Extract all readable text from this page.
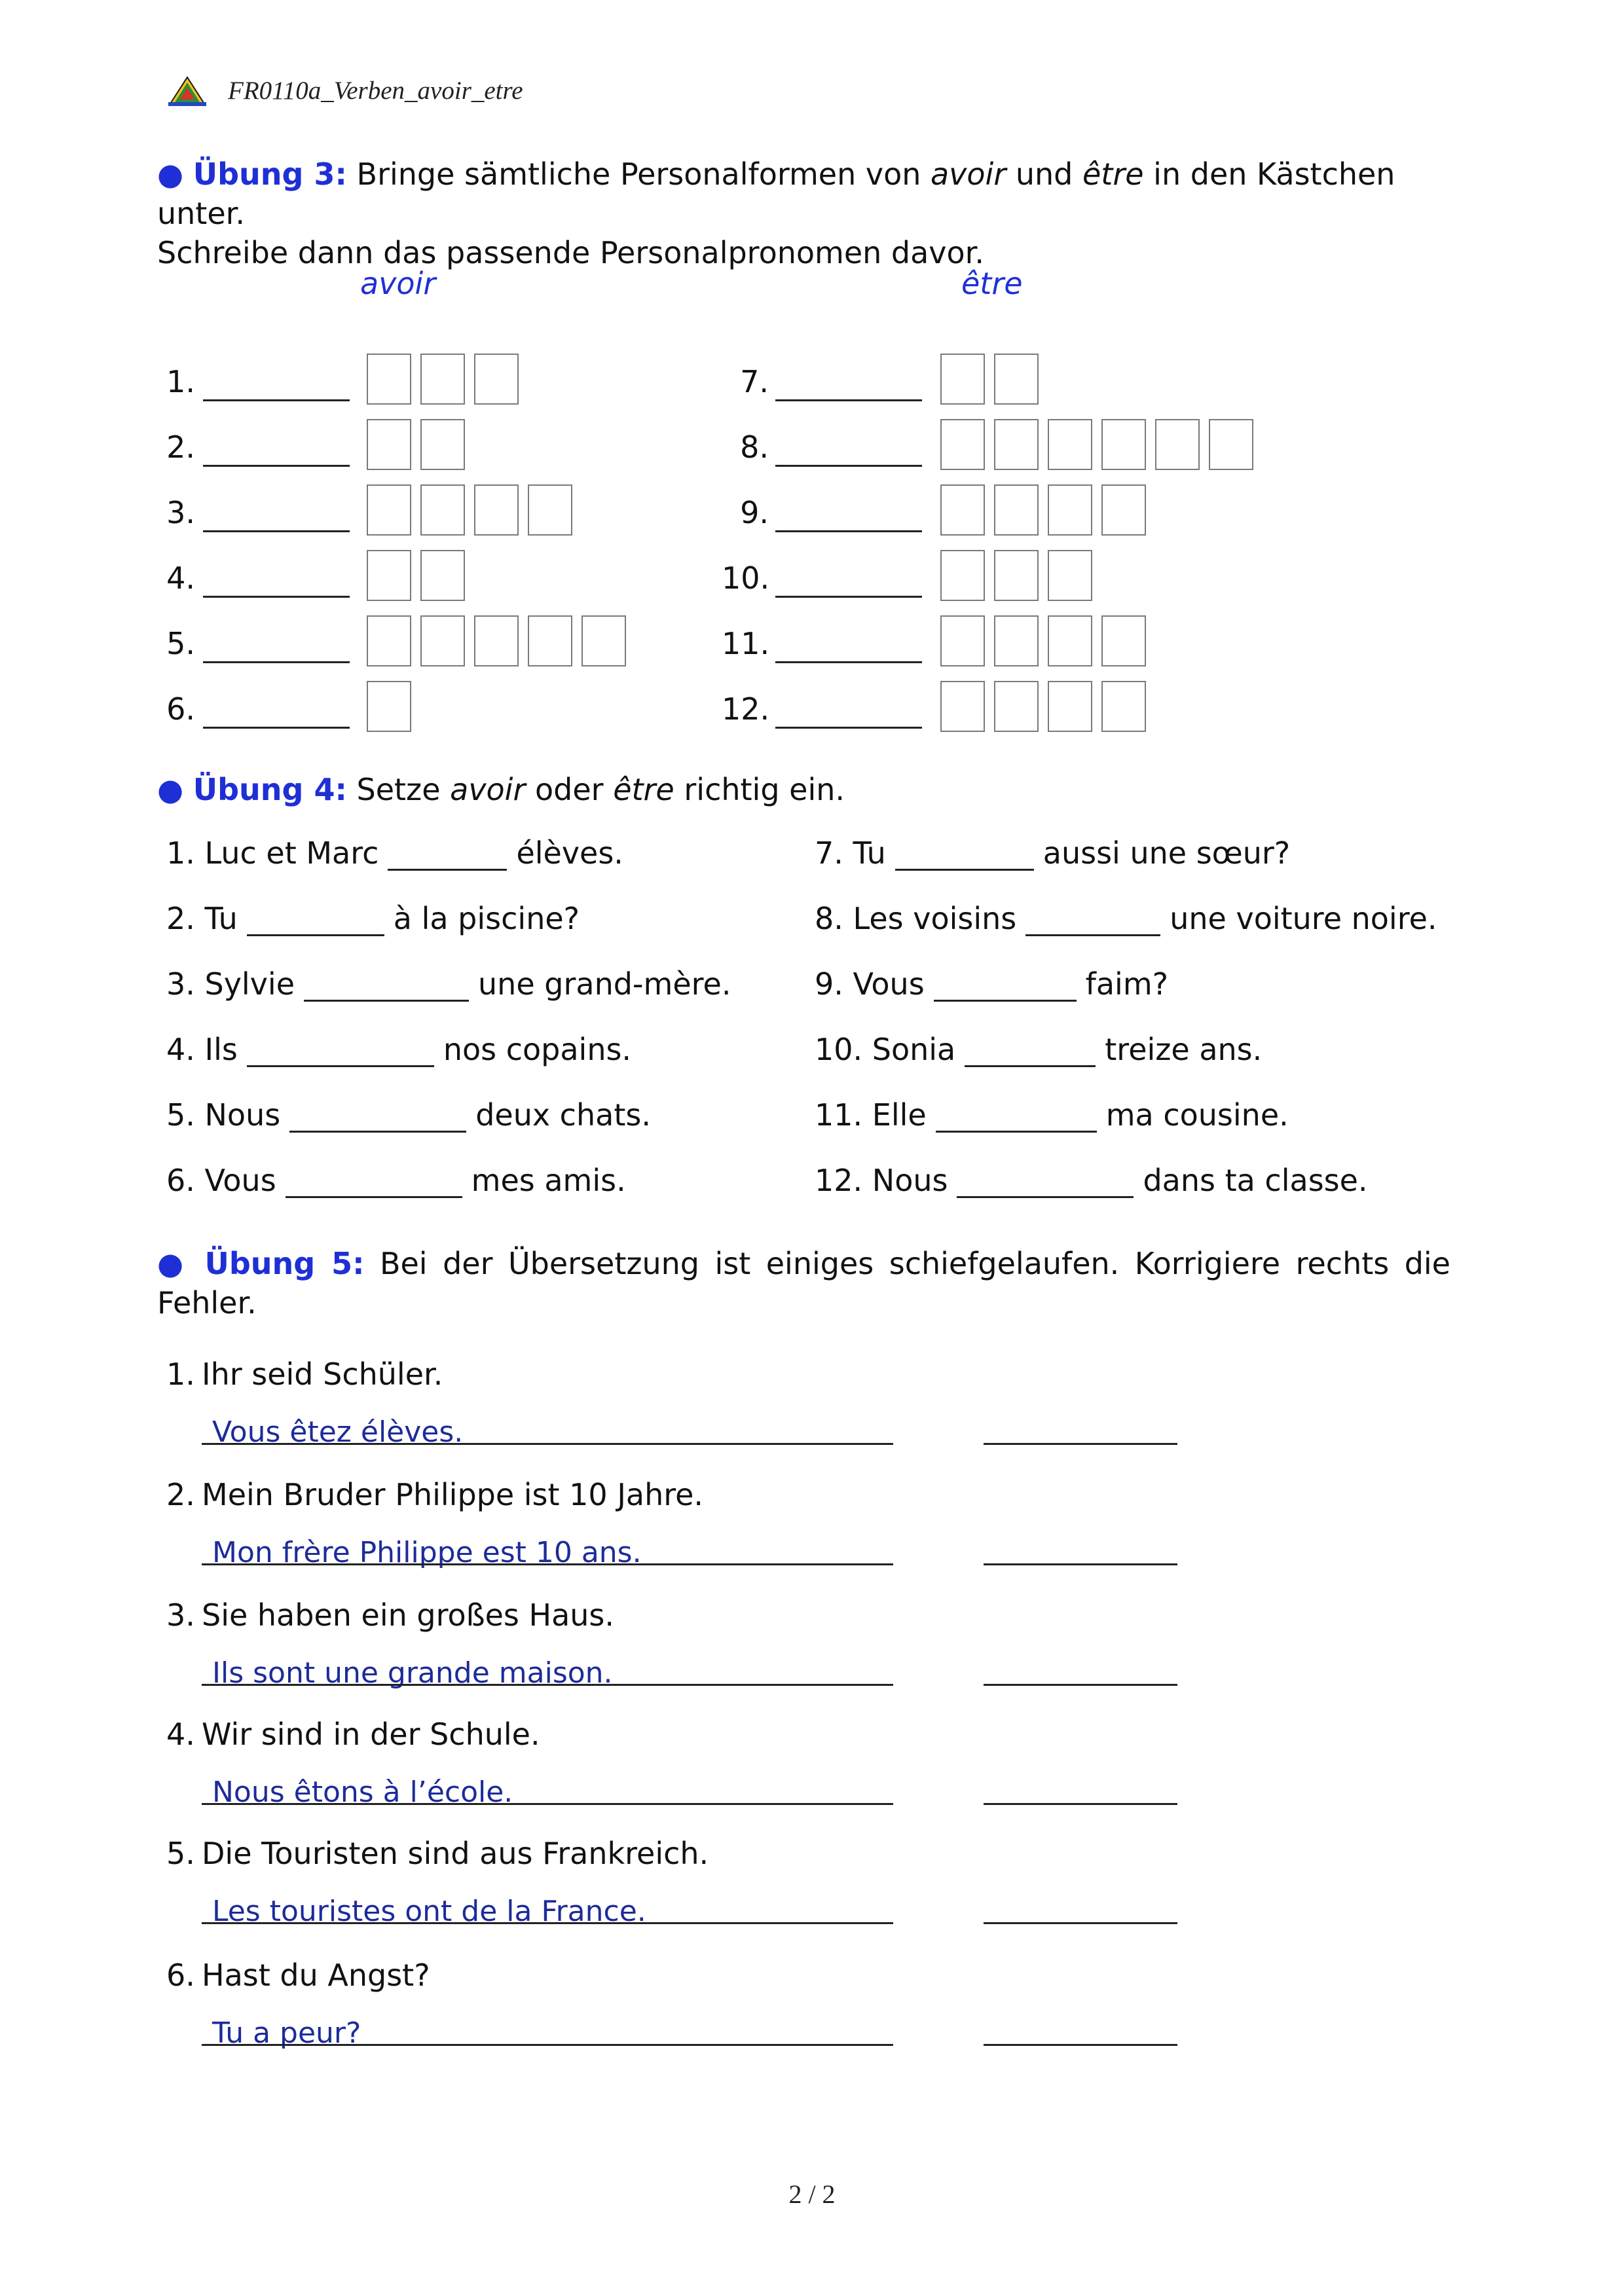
FR0110a_Verben_avoir_etre
● Übung 3: Bringe sämtliche Personalformen von avoir und être in den Kästchen unter.
Schreibe dann das passende Personalpronomen davor.
avoir	être
1.
2.
3.
4.
5.
6.
7.
8.
9.
10.
11.
12.
● Übung 4: Setze avoir oder être richtig ein.
1. Luc et Marc	élèves.
2. Tu	à la piscine?
3. Sylvie	une grand-mère.
4. Ils	nos copains.
5. Nous	deux chats.
6. Vous	mes amis.
7. Tu	aussi une sœur?
8. Les voisins	une voiture noire.
9. Vous	faim?
10. Sonia	treize ans.
11. Elle	ma cousine.
12. Nous	dans ta classe.
● Übung 5: Bei der Übersetzung ist einiges schiefgelaufen. Korrigiere rechts die Fehler.
1. Ihr seid Schüler.
Vous êtez élèves.
2. Mein Bruder Philippe ist 10 Jahre.
Mon frère Philippe est 10 ans.
3. Sie haben ein großes Haus.
Ils sont une grande maison.
4. Wir sind in der Schule.
Nous êtons à l’école.
5. Die Touristen sind aus Frankreich.
Les touristes ont de la France.
6. Hast du Angst?
Tu a peur?
2 / 2
